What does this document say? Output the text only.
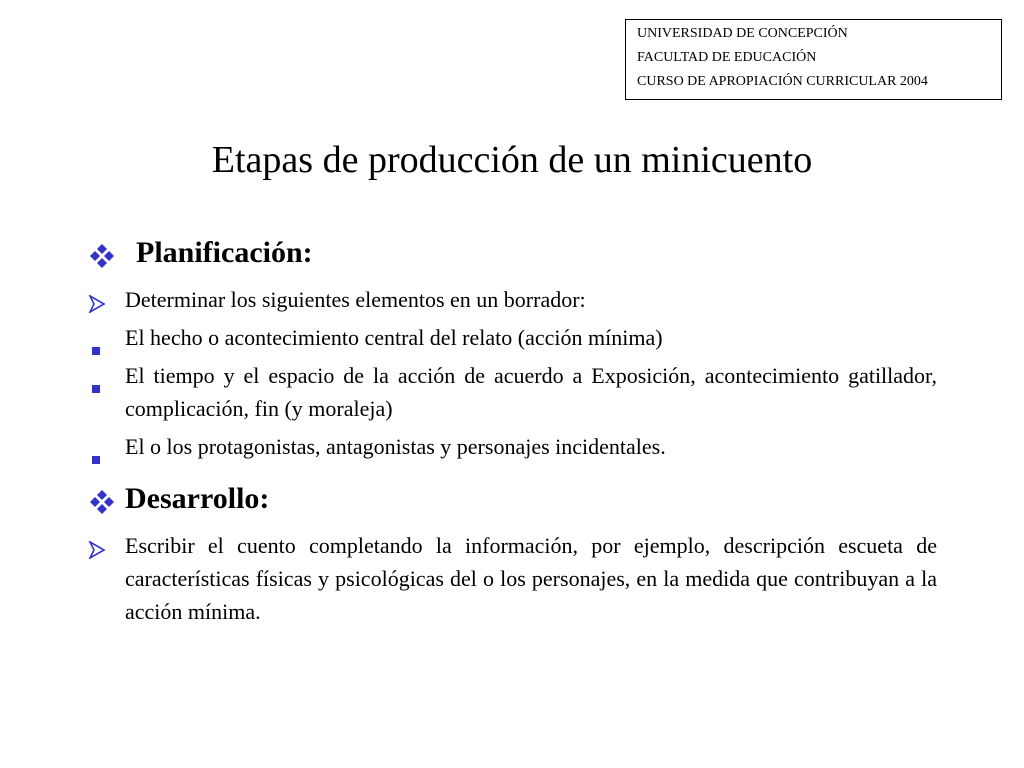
UNIVERSIDAD DE CONCEPCIÓN
FACULTAD DE EDUCACIÓN
CURSO DE APROPIACIÓN CURRICULAR 2004
Etapas de producción de un minicuento
Planificación:
Determinar los siguientes elementos en un borrador:
El hecho o acontecimiento central del relato (acción mínima)
El tiempo y el espacio de la acción de acuerdo a Exposición, acontecimiento gatillador, complicación, fin (y moraleja)
El o los protagonistas, antagonistas y personajes incidentales.
Desarrollo:
Escribir el cuento completando la información, por ejemplo, descripción escueta de características físicas y psicológicas del o los personajes, en la medida que contribuyan a la acción mínima.
